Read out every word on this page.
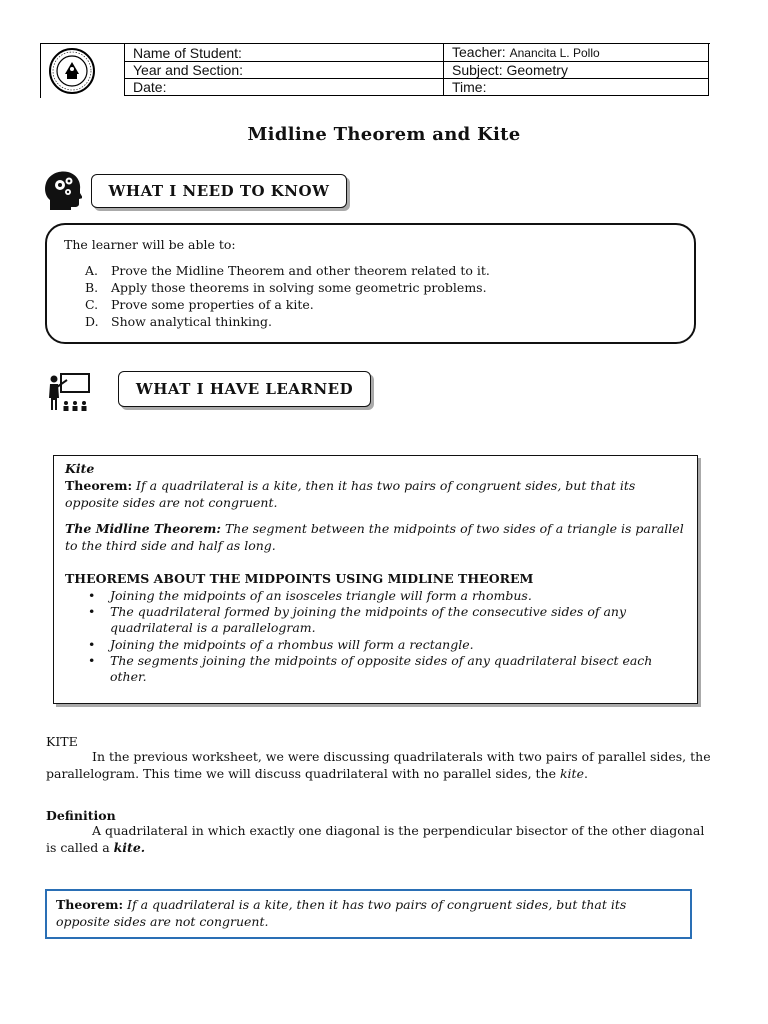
Name of Student:	Teacher: Anancita L. Pollo
Year and Section:	Subject: Geometry
Date:	Time:
Midline Theorem and Kite
WHAT I NEED TO KNOW
The learner will be able to:
A. Prove the Midline Theorem and other theorem related to it.
B. Apply those theorems in solving some geometric problems.
C. Prove some properties of a kite.
D. Show analytical thinking.
WHAT I HAVE LEARNED
Kite
Theorem: If a quadrilateral is a kite, then it has two pairs of congruent sides, but that its opposite sides are not congruent.
The Midline Theorem: The segment between the midpoints of two sides of a triangle is parallel to the third side and half as long.
THEOREMS ABOUT THE MIDPOINTS USING MIDLINE THEOREM
•	Joining the midpoints of an isosceles triangle will form a rhombus.
•	The quadrilateral formed by joining the midpoints of the consecutive sides of any quadrilateral is a parallelogram.
•	Joining the midpoints of a rhombus will form a rectangle.
•	The segments joining the midpoints of opposite sides of any quadrilateral bisect each other.
KITE
In the previous worksheet, we were discussing quadrilaterals with two pairs of parallel sides, the parallelogram. This time we will discuss quadrilateral with no parallel sides, the kite.
Definition
A quadrilateral in which exactly one diagonal is the perpendicular bisector of the other diagonal is called a kite.
Theorem: If a quadrilateral is a kite, then it has two pairs of congruent sides, but that its opposite sides are not congruent.
